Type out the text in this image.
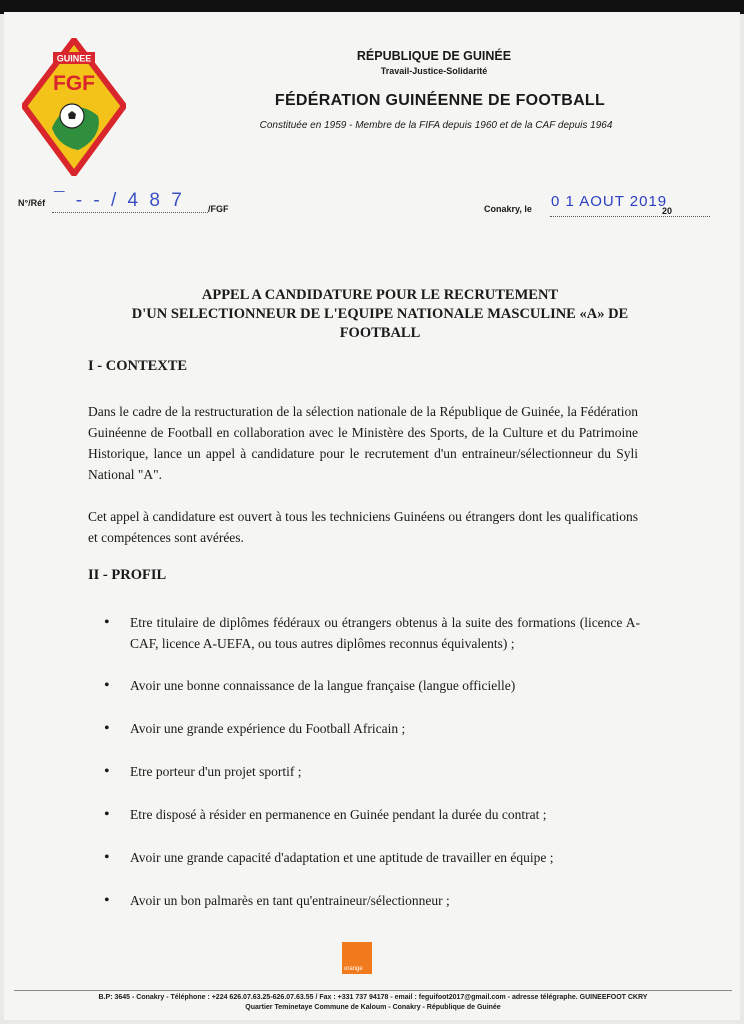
GUINEE
FGF
RÉPUBLIQUE DE GUINÉE
Travail-Justice-Solidarité
FÉDÉRATION GUINÉENNE DE FOOTBALL
Constituée en 1959 - Membre de la FIFA depuis 1960 et de la CAF depuis 1964
N°/Réf ¯ - - / 4 8 7	/FGF	Conakry, le 0 1 AOUT 2019
20
APPEL A CANDIDATURE POUR LE RECRUTEMENT
D'UN SELECTIONNEUR DE L'EQUIPE NATIONALE MASCULINE «A» DE
FOOTBALL
I - CONTEXTE
Dans le cadre de la restructuration de la sélection nationale de la République de Guinée, la Fédération Guinéenne de Football en collaboration avec le Ministère des Sports, de la Culture et du Patrimoine Historique, lance un appel à candidature pour le recrutement d'un entraineur/sélectionneur du Syli National "A".
Cet appel à candidature est ouvert à tous les techniciens Guinéens ou étrangers dont les qualifications et compétences sont avérées.
II - PROFIL
• Etre titulaire de diplômes fédéraux ou étrangers obtenus à la suite des formations (licence A-CAF, licence A-UEFA, ou tous autres diplômes reconnus équivalents) ;
• Avoir une bonne connaissance de la langue française (langue officielle)
• Avoir une grande expérience du Football Africain ;
• Etre porteur d'un projet sportif ;
• Etre disposé à résider en permanence en Guinée pendant la durée du contrat ;
• Avoir une grande capacité d'adaptation et une aptitude de travailler en équipe ;
• Avoir un bon palmarès en tant qu'entraineur/sélectionneur ;
orange
B.P: 3645 - Conakry - Téléphone : +224 626.07.63.25-626.07.63.55 / Fax : +331 737 94178 - email : feguifoot2017@gmail.com - adresse télégraphe. GUINEEFOOT CKRY
Quartier Teminetaye Commune de Kaloum - Conakry - République de Guinée
